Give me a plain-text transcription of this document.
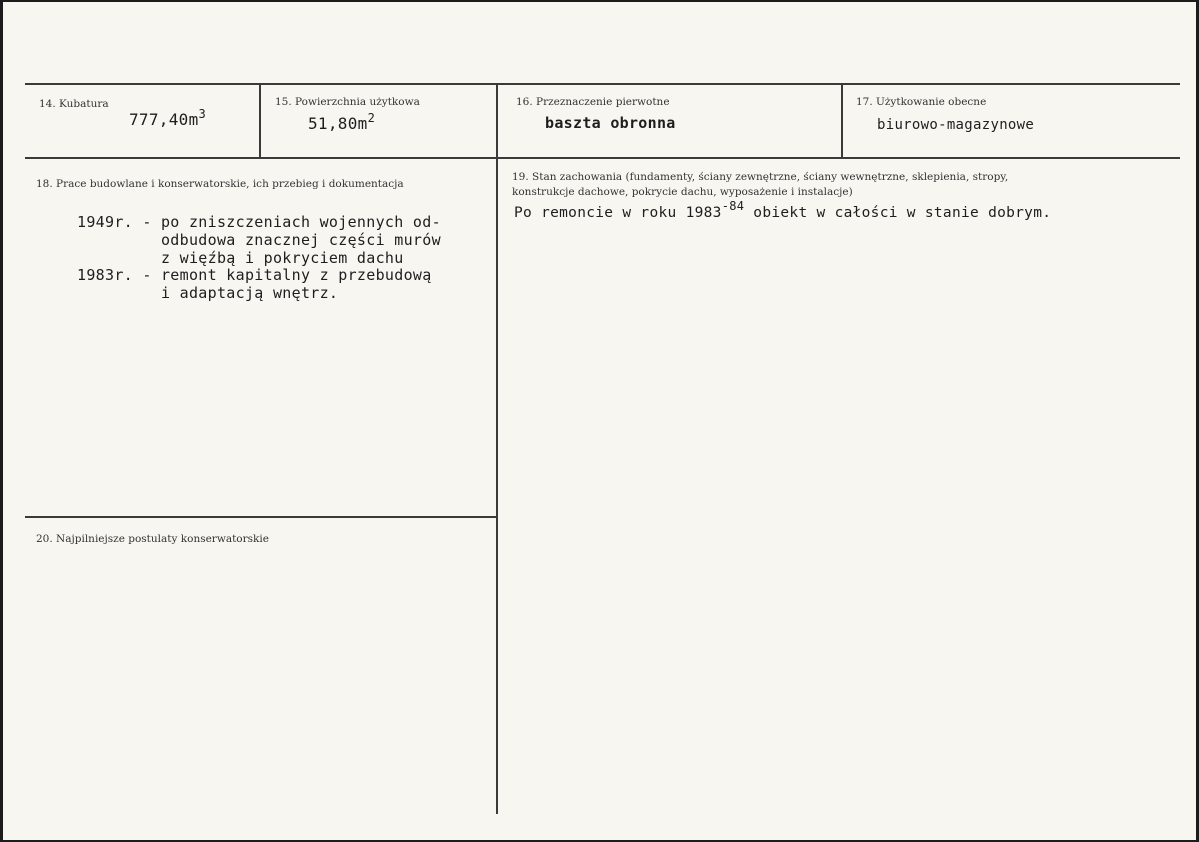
14. Kubatura
$777,40m^3$
15. Powierzchnia użytkowa
$51,80m^2$
16. Przeznaczenie pierwotne
baszta obronna
17. Użytkowanie obecne
biurowo-magazynowe
18. Prace budowlane i konserwatorskie, ich przebieg i dokumentacja
1949r. - po zniszczeniach wojennych od-
odbudowa znacznej części murów
z więźbą i pokryciem dachu
1983r. - remont kapitalny z przebudową
i adaptacją wnętrz.
19. Stan zachowania (fundamenty, ściany zewnętrzne, ściany wewnętrzne, sklepienia, stropy,
konstrukcje dachowe, pokrycie dachu, wyposażenie i instalacje)
Po remoncie w roku $1983^{-84}$ obiekt w całości w stanie dobrym.
20. Najpilniejsze postulaty konserwatorskie
